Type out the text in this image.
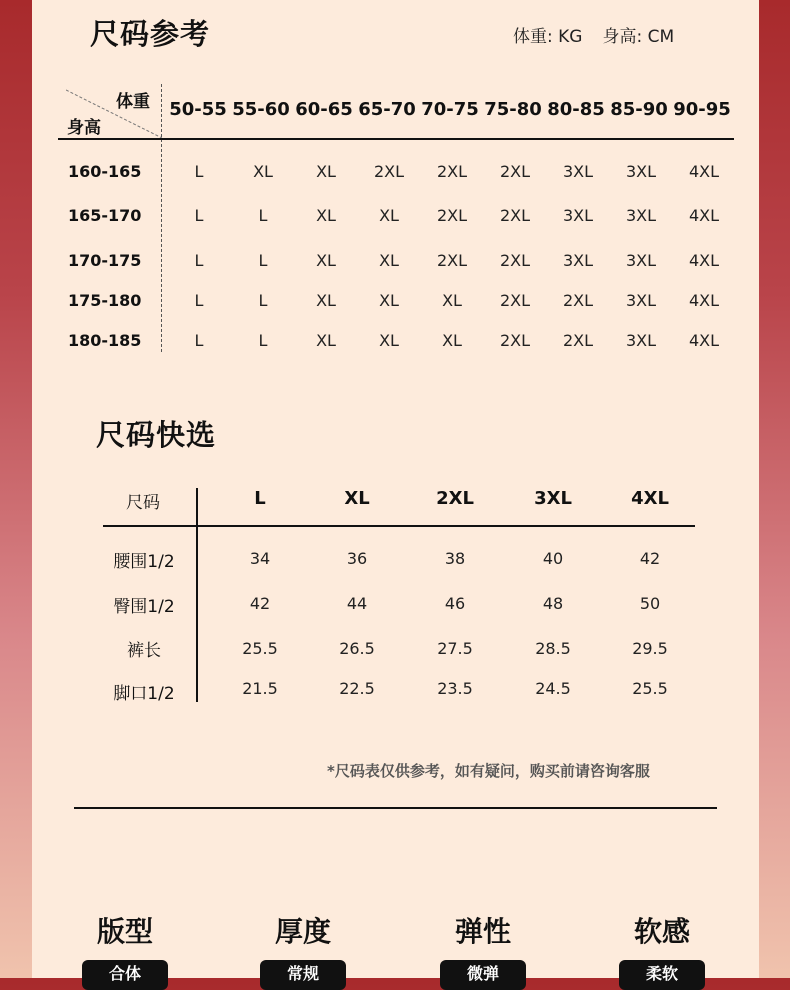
尺码参考	体重: KG 身高: CM
体重
身高
50-55 55-60 60-65 65-70 70-75 75-80 80-85 85-90 90-95
160-165	L	XL	XL	2XL	2XL	2XL	3XL	3XL	4XL
165-170	L	L	XL	XL	2XL	2XL	3XL	3XL	4XL
170-175	L	L	XL	XL	2XL	2XL	3XL	3XL	4XL
175-180	L	L	XL	XL	XL	2XL	2XL	3XL	4XL
180-185	L	L	XL	XL	XL	2XL	2XL	3XL	4XL
尺码快选
尺码	L	XL	2XL	3XL	4XL
腰围1/2	34	36	38	40	42
臀围1/2	42	44	46	48	50
裤长	25.5	26.5	27.5	28.5	29.5
脚口1/2	21.5	22.5	23.5	24.5	25.5
*尺码表仅供参考，如有疑问，购买前请咨询客服
版型
合体
厚度
常规
弹性
微弹
软感
柔软
